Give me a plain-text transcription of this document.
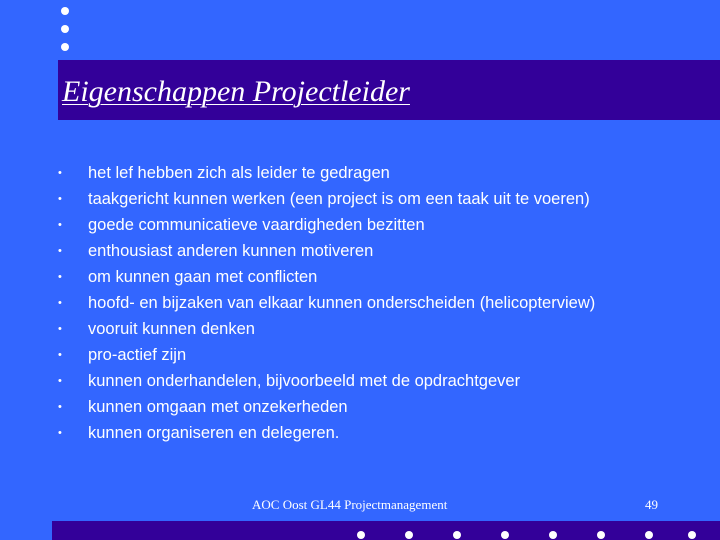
Eigenschappen Projectleider
•	het lef hebben zich als leider te gedragen
•	taakgericht kunnen werken (een project is om een taak uit te voeren)
•	goede communicatieve vaardigheden bezitten
•	enthousiast anderen kunnen motiveren
•	om kunnen gaan met conflicten
•	hoofd- en bijzaken van elkaar kunnen onderscheiden (helicopterview)
•	vooruit kunnen denken
•	pro-actief zijn
•	kunnen onderhandelen, bijvoorbeeld met de opdrachtgever
•	kunnen omgaan met onzekerheden
•	kunnen organiseren en delegeren.
AOC Oost GL44 Projectmanagement	49
